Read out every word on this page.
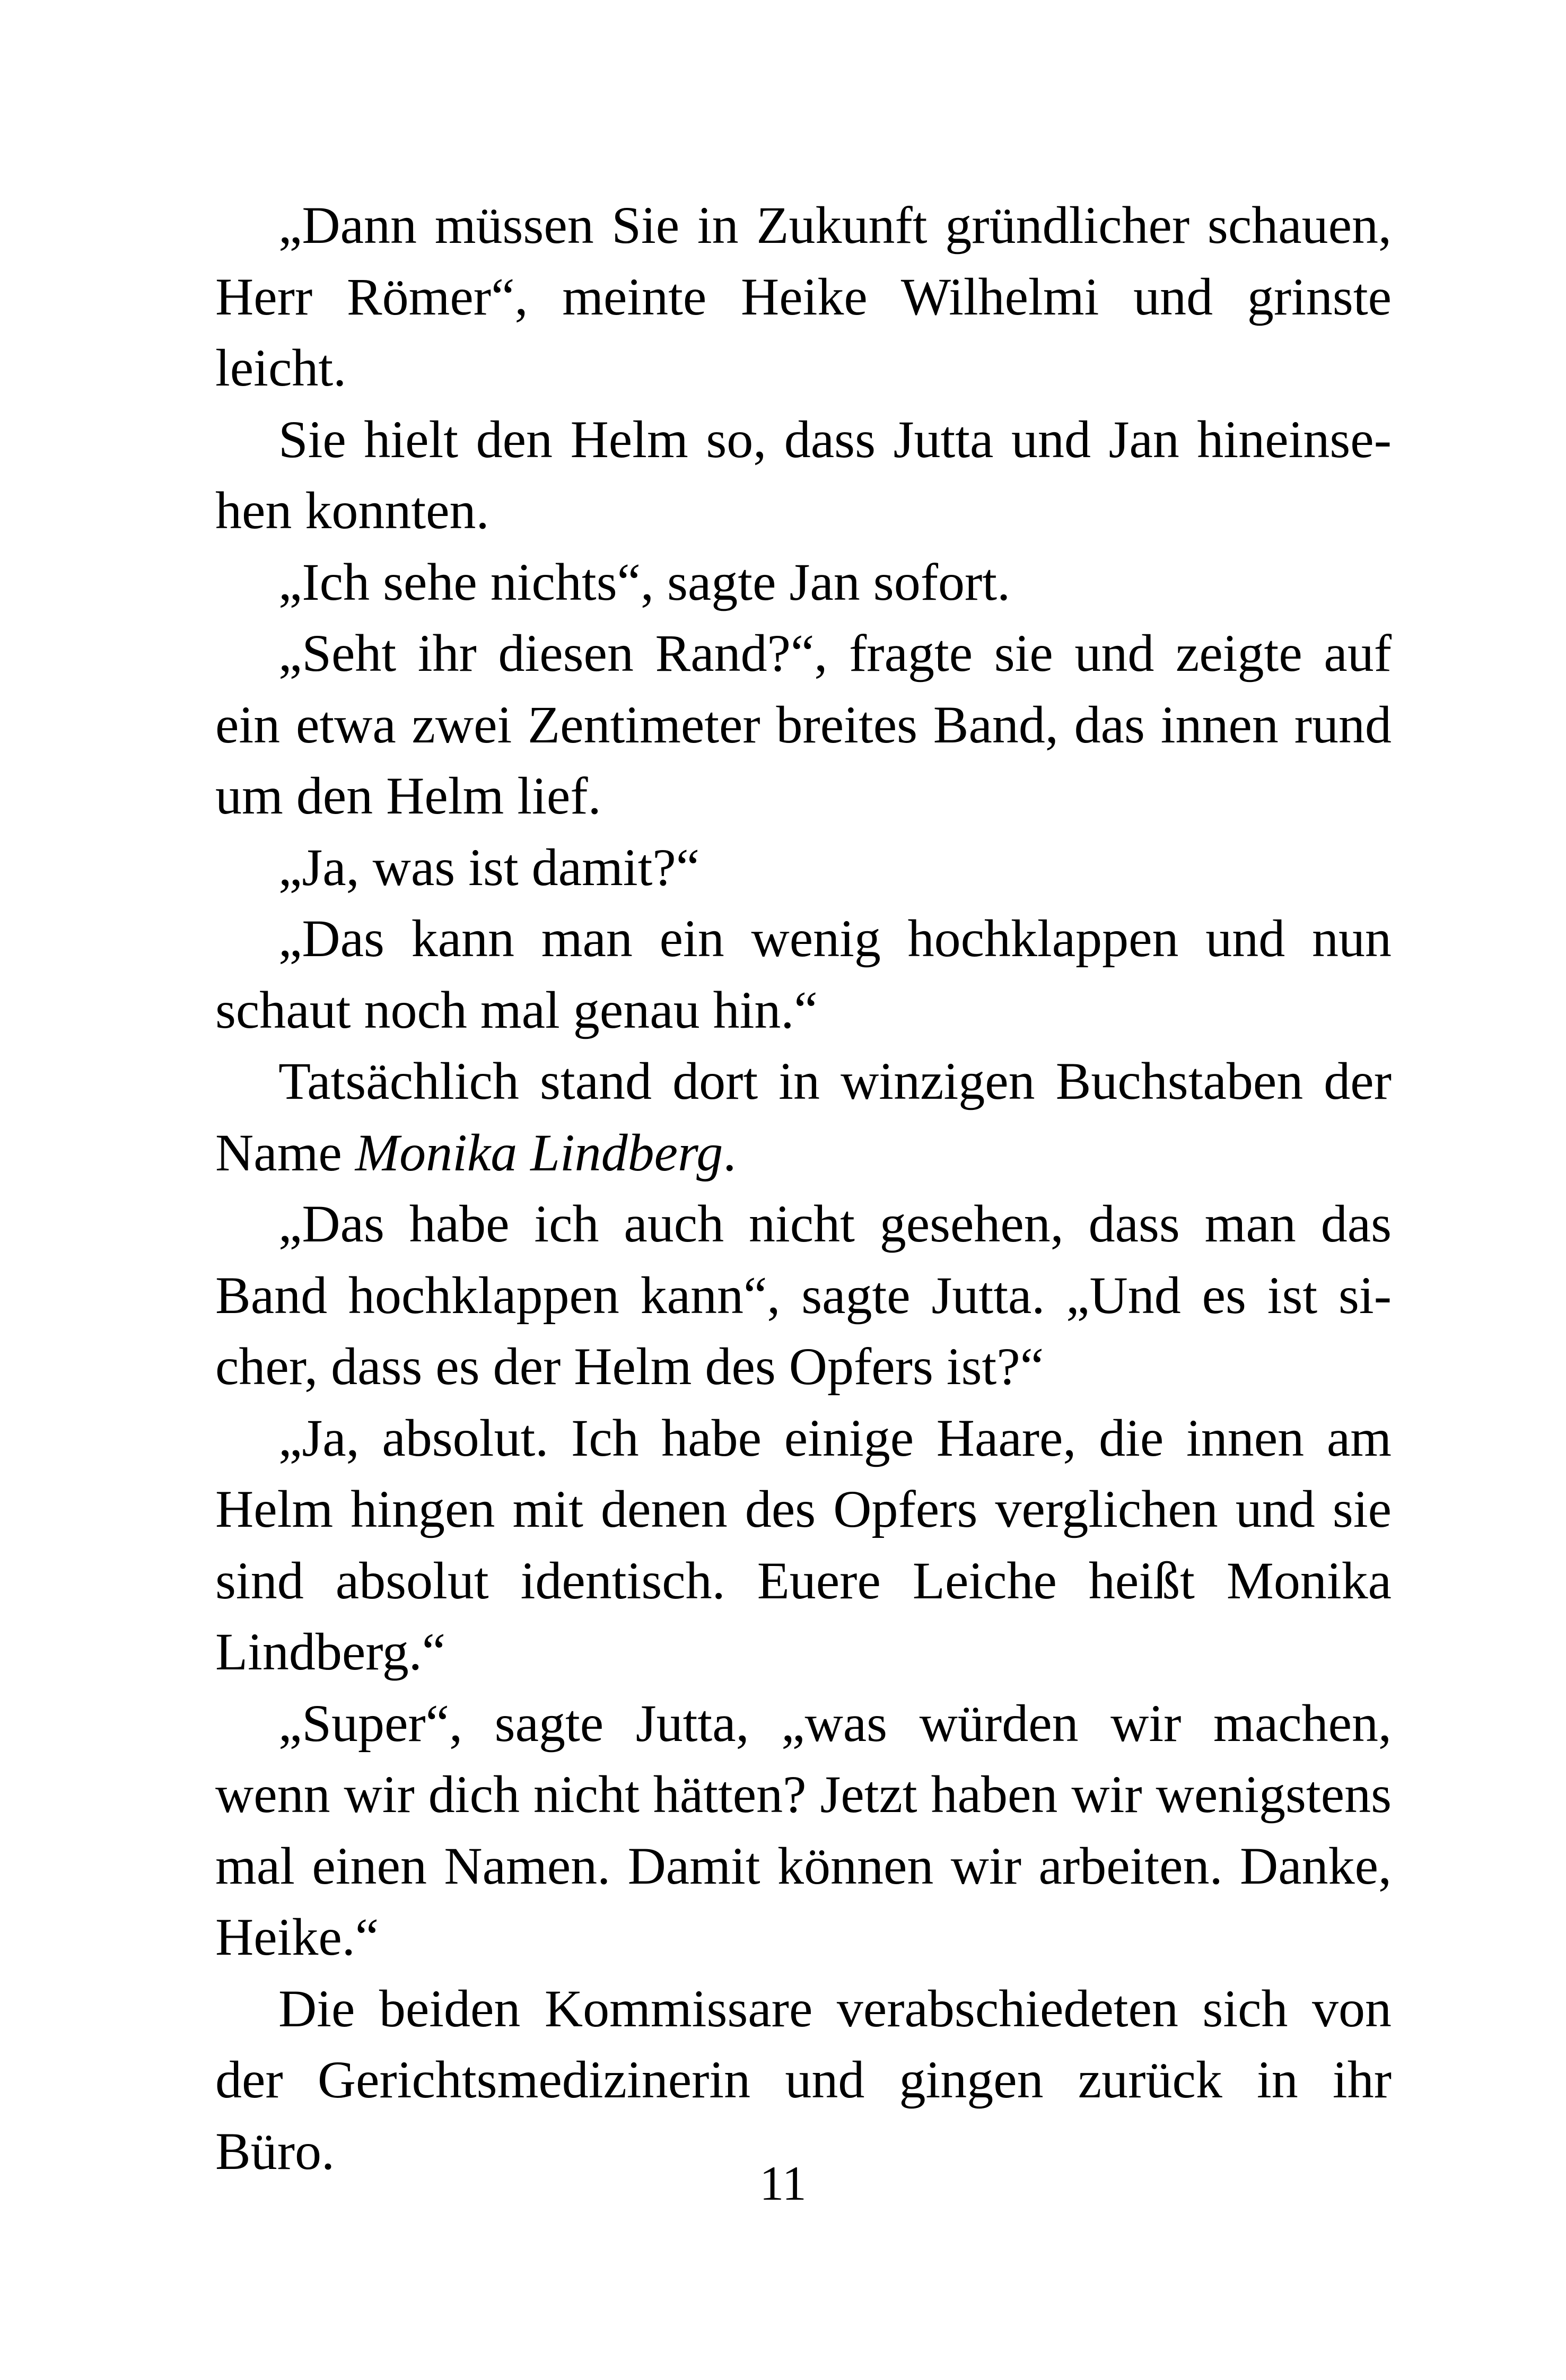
„Dann müssen Sie in Zukunft gründlicher schauen, Herr Römer“, meinte Heike Wilhelmi und grinste leicht.

Sie hielt den Helm so, dass Jutta und Jan hineinsehen konnten.

„Ich sehe nichts“, sagte Jan sofort.

„Seht ihr diesen Rand?“, fragte sie und zeigte auf ein etwa zwei Zentimeter breites Band, das innen rund um den Helm lief.

„Ja, was ist damit?“

„Das kann man ein wenig hochklappen und nun schaut noch mal genau hin.“

Tatsächlich stand dort in winzigen Buchstaben der Name Monika Lindberg.

„Das habe ich auch nicht gesehen, dass man das Band hochklappen kann“, sagte Jutta. „Und es ist sicher, dass es der Helm des Opfers ist?“

„Ja, absolut. Ich habe einige Haare, die innen am Helm hingen mit denen des Opfers verglichen und sie sind absolut identisch. Euere Leiche heißt Monika Lindberg.“

„Super“, sagte Jutta, „was würden wir machen, wenn wir dich nicht hätten? Jetzt haben wir wenigstens mal einen Namen. Damit können wir arbeiten. Danke, Heike.“

Die beiden Kommissare verabschiedeten sich von der Gerichtsmedizinerin und gingen zurück in ihr Büro.

11
